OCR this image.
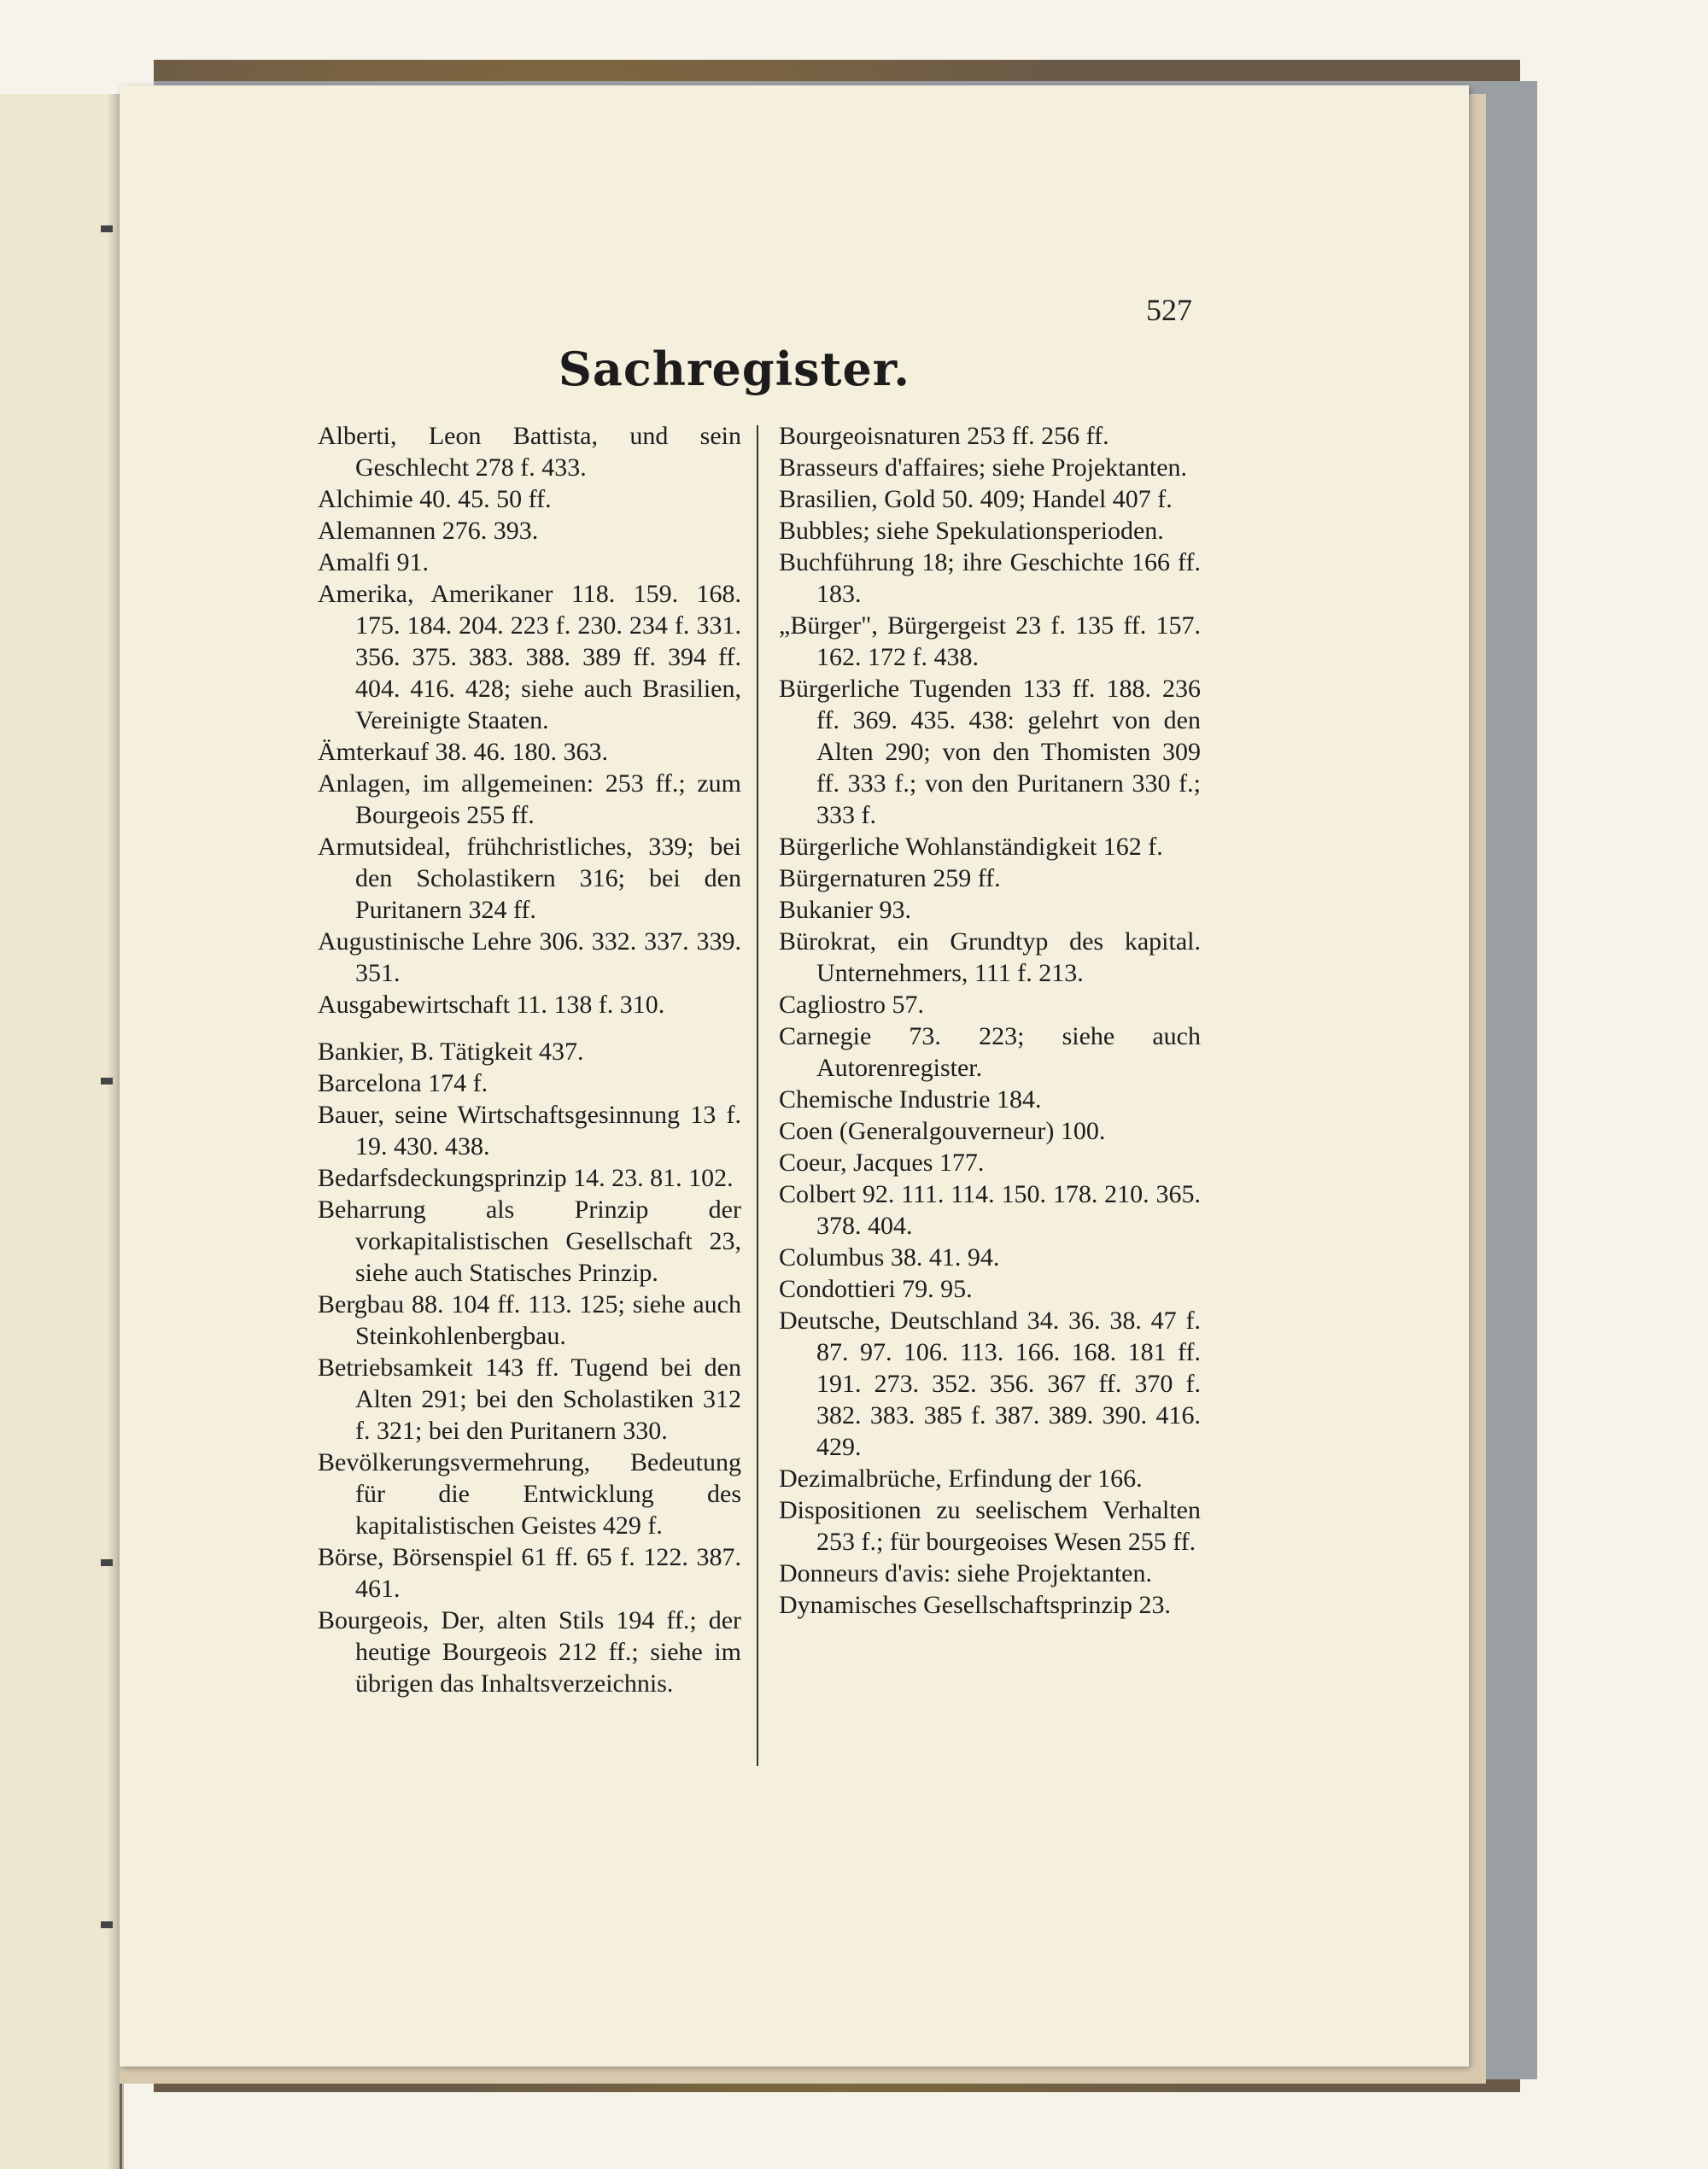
527
Sachregister.

Alberti, Leon Battista, und sein Geschlecht 278 f. 433.

Alchimie 40. 45. 50 ff.

Alemannen 276. 393.

Amalfi 91.

Amerika, Amerikaner 118. 159. 168. 175. 184. 204. 223 f. 230. 234 f. 331. 356. 375. 383. 388. 389 ff. 394 ff. 404. 416. 428; siehe auch Brasilien, Vereinigte Staaten.

Ämterkauf 38. 46. 180. 363.

Anlagen, im allgemeinen: 253 ff.; zum Bourgeois 255 ff.

Armutsideal, frühchristliches, 339; bei den Scholastikern 316; bei den Puritanern 324 ff.

Augustinische Lehre 306. 332. 337. 339. 351.

Ausgabewirtschaft 11. 138 f. 310.

Bankier, B. Tätigkeit 437.

Barcelona 174 f.

Bauer, seine Wirtschaftsgesinnung 13 f. 19. 430. 438.

Bedarfsdeckungsprinzip 14. 23. 81. 102.

Beharrung als Prinzip der vorkapitalistischen Gesellschaft 23, siehe auch Statisches Prinzip.

Bergbau 88. 104 ff. 113. 125; siehe auch Steinkohlenbergbau.

Betriebsamkeit 143 ff. Tugend bei den Alten 291; bei den Scholastiken 312 f. 321; bei den Puritanern 330.

Bevölkerungsvermehrung, Bedeutung für die Entwicklung des kapitalistischen Geistes 429 f.

Börse, Börsenspiel 61 ff. 65 f. 122. 387. 461.

Bourgeois, Der, alten Stils 194 ff.; der heutige Bourgeois 212 ff.; siehe im übrigen das Inhaltsverzeichnis.

Bourgeoisnaturen 253 ff. 256 ff.

Brasseurs d'affaires; siehe Projektanten.

Brasilien, Gold 50. 409; Handel 407 f.

Bubbles; siehe Spekulationsperioden.

Buchführung 18; ihre Geschichte 166 ff. 183.

„Bürger", Bürgergeist 23 f. 135 ff. 157. 162. 172 f. 438.

Bürgerliche Tugenden 133 ff. 188. 236 ff. 369. 435. 438: gelehrt von den Alten 290; von den Thomisten 309 ff. 333 f.; von den Puritanern 330 f.; 333 f.

Bürgerliche Wohlanständigkeit 162 f.

Bürgernaturen 259 ff.

Bukanier 93.

Bürokrat, ein Grundtyp des kapital. Unternehmers, 111 f. 213.

Cagliostro 57.

Carnegie 73. 223; siehe auch Autorenregister.

Chemische Industrie 184.

Coen (Generalgouverneur) 100.

Coeur, Jacques 177.

Colbert 92. 111. 114. 150. 178. 210. 365. 378. 404.

Columbus 38. 41. 94.

Condottieri 79. 95.

Deutsche, Deutschland 34. 36. 38. 47 f. 87. 97. 106. 113. 166. 168. 181 ff. 191. 273. 352. 356. 367 ff. 370 f. 382. 383. 385 f. 387. 389. 390. 416. 429.

Dezimalbrüche, Erfindung der 166.

Dispositionen zu seelischem Verhalten 253 f.; für bourgeoises Wesen 255 ff.

Donneurs d'avis: siehe Projektanten.

Dynamisches Gesellschaftsprinzip 23.
